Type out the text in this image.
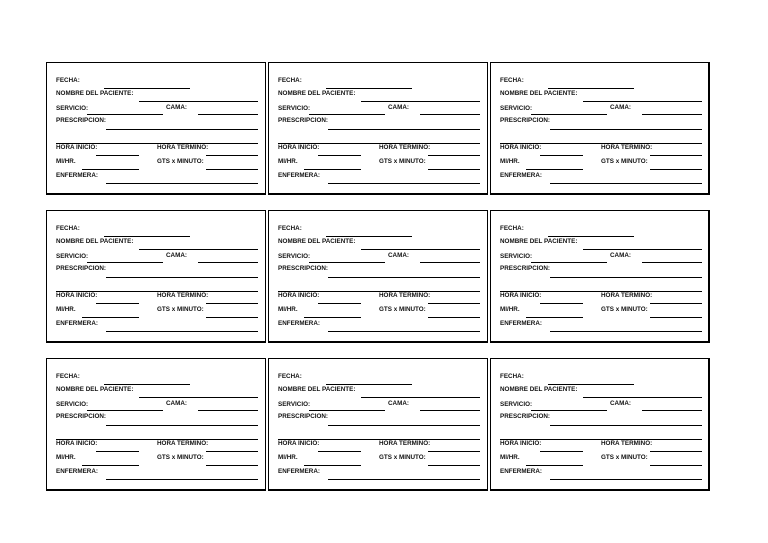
FECHA:
NOMBRE DEL PACIENTE:
SERVICIO:	CAMA:
PRESCRIPCION:
HORA INICIO:	HORA TERMINO:
Ml/HR.	GTS x MINUTO:
ENFERMERA:
FECHA:
NOMBRE DEL PACIENTE:
SERVICIO:	CAMA:
PRESCRIPCION:
HORA INICIO:	HORA TERMINO:
Ml/HR.	GTS x MINUTO:
ENFERMERA:
FECHA:
NOMBRE DEL PACIENTE:
SERVICIO:	CAMA:
PRESCRIPCION:
HORA INICIO:	HORA TERMINO:
Ml/HR.	GTS x MINUTO:
ENFERMERA:
FECHA:
NOMBRE DEL PACIENTE:
SERVICIO:	CAMA:
PRESCRIPCION:
HORA INICIO:	HORA TERMINO:
Ml/HR.	GTS x MINUTO:
ENFERMERA:
FECHA:
NOMBRE DEL PACIENTE:
SERVICIO:	CAMA:
PRESCRIPCION:
HORA INICIO:	HORA TERMINO:
Ml/HR.	GTS x MINUTO:
ENFERMERA:
FECHA:
NOMBRE DEL PACIENTE:
SERVICIO:	CAMA:
PRESCRIPCION:
HORA INICIO:	HORA TERMINO:
Ml/HR.	GTS x MINUTO:
ENFERMERA:
FECHA:
NOMBRE DEL PACIENTE:
SERVICIO:	CAMA:
PRESCRIPCION:
HORA INICIO:	HORA TERMINO:
Ml/HR.	GTS x MINUTO:
ENFERMERA:
FECHA:
NOMBRE DEL PACIENTE:
SERVICIO:	CAMA:
PRESCRIPCION:
HORA INICIO:	HORA TERMINO:
Ml/HR.	GTS x MINUTO:
ENFERMERA:
FECHA:
NOMBRE DEL PACIENTE:
SERVICIO:	CAMA:
PRESCRIPCION:
HORA INICIO:	HORA TERMINO:
Ml/HR.	GTS x MINUTO:
ENFERMERA:
